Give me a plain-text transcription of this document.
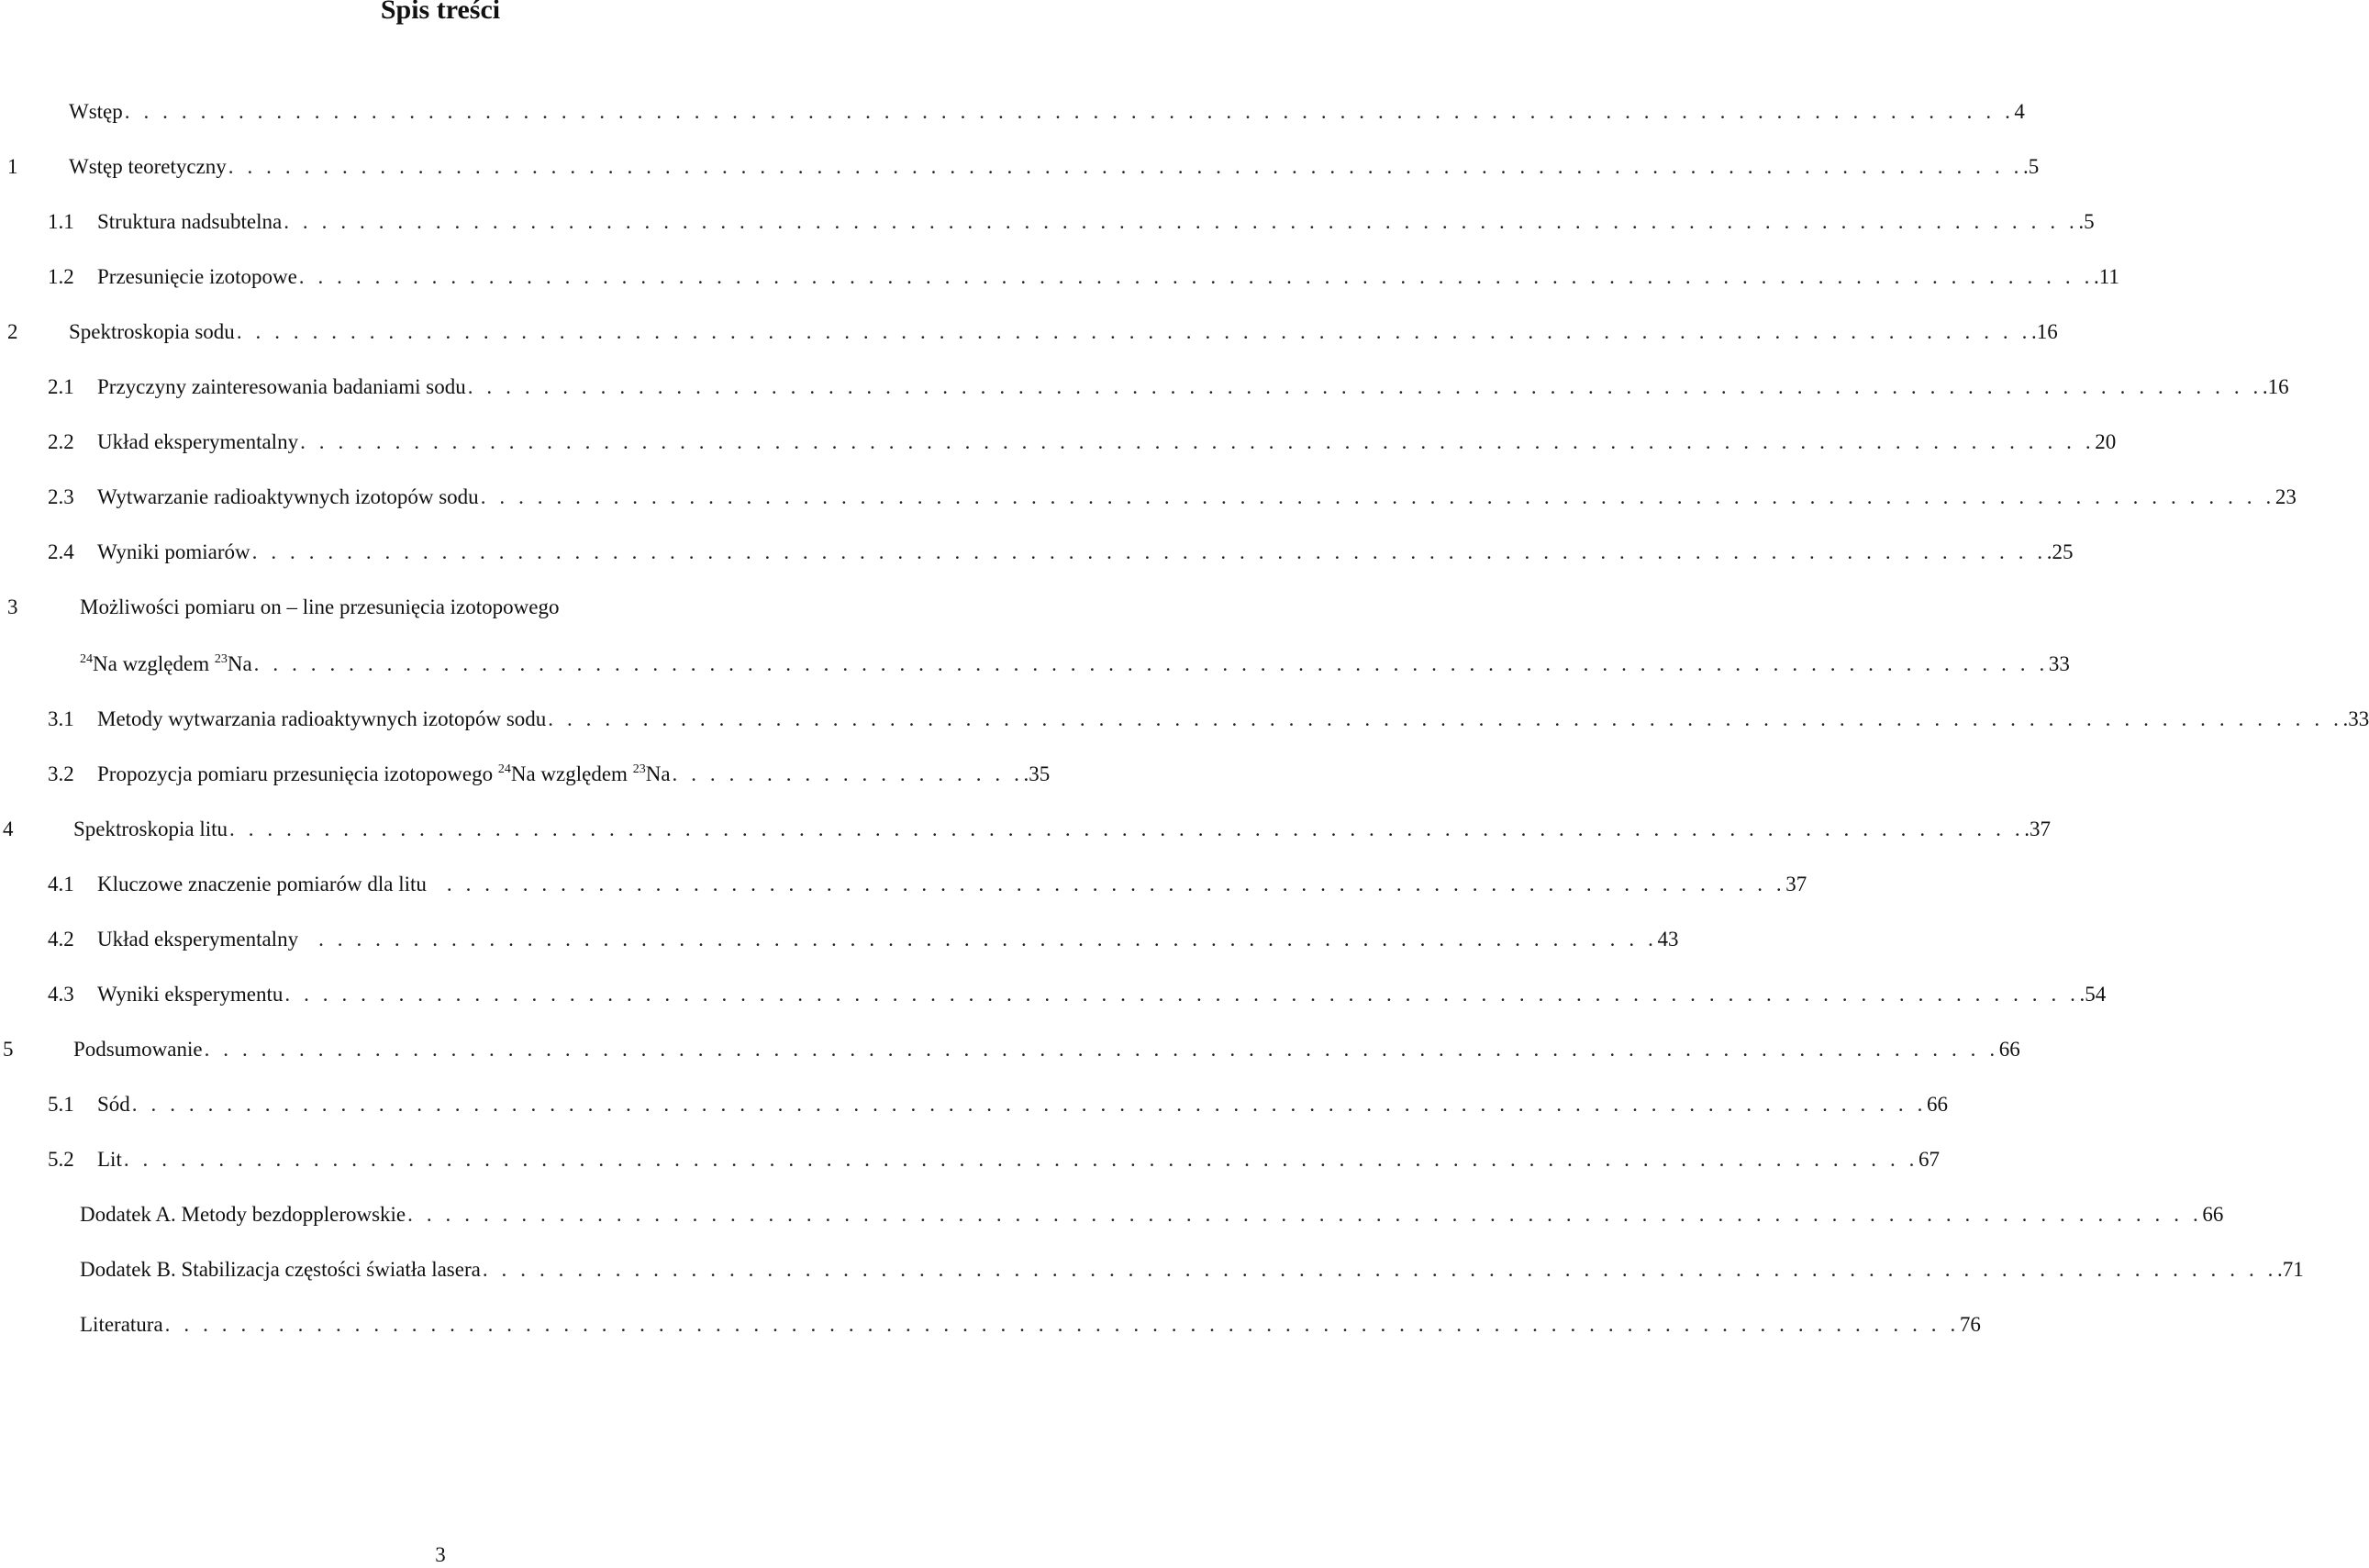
Spis treści
Wstęp . . . . . . . . . . . . . . . . . . . . . . . . . . . . . . . . . . . . . . . . . . . . . . . . . . . . . . . . . . . . . . . . . . . . . . . . . . . . . . . . . . . . . . . . . . . . . . . . . . . . 4
1 Wstęp teoretyczny . . . . . . . . . . . . . . . . . . . . . . . . . . . . . . . . . . . . . . . . . . . . . . . . . . . . . . . . . . . . . . . . . . . . . . . . . . . . . . . . . . . . . . . . . . . . . . . .5
1.1 Struktura nadsubtelna . . . . . . . . . . . . . . . . . . . . . . . . . . . . . . . . . . . . . . . . . . . . . . . . . . . . . . . . . . . . . . . . . . . . . . . . . . . . . . . . . . . . . . . . . . . . . . . .5
1.2 Przesunięcie izotopowe . . . . . . . . . . . . . . . . . . . . . . . . . . . . . . . . . . . . . . . . . . . . . . . . . . . . . . . . . . . . . . . . . . . . . . . . . . . . . . . . . . . . . . . . . . . . . . . .11
2 Spektroskopia sodu . . . . . . . . . . . . . . . . . . . . . . . . . . . . . . . . . . . . . . . . . . . . . . . . . . . . . . . . . . . . . . . . . . . . . . . . . . . . . . . . . . . . . . . . . . . . . . . .16
2.1 Przyczyny zainteresowania badaniami sodu . . . . . . . . . . . . . . . . . . . . . . . . . . . . . . . . . . . . . . . . . . . . . . . . . . . . . . . . . . . . . . . . . . . . . . . . . . . . . . . . . . . . . . . . . . . . . . . .16
2.2 Układ eksperymentalny . . . . . . . . . . . . . . . . . . . . . . . . . . . . . . . . . . . . . . . . . . . . . . . . . . . . . . . . . . . . . . . . . . . . . . . . . . . . . . . . . . . . . . . . . . . . . . . 20
2.3 Wytwarzanie radioaktywnych izotopów sodu . . . . . . . . . . . . . . . . . . . . . . . . . . . . . . . . . . . . . . . . . . . . . . . . . . . . . . . . . . . . . . . . . . . . . . . . . . . . . . . . . . . . . . . . . . . . . . . 23
2.4 Wyniki pomiarów . . . . . . . . . . . . . . . . . . . . . . . . . . . . . . . . . . . . . . . . . . . . . . . . . . . . . . . . . . . . . . . . . . . . . . . . . . . . . . . . . . . . . . . . . . . . . . . .25
3	Możliwości pomiaru on – line przesunięcia izotopowego
$^{24}$Na względem $^{23}$Na . . . . . . . . . . . . . . . . . . . . . . . . . . . . . . . . . . . . . . . . . . . . . . . . . . . . . . . . . . . . . . . . . . . . . . . . . . . . . . . . . . . . . . . . . . . . . . . 33
3.1 Metody wytwarzania radioaktywnych izotopów sodu . . . . . . . . . . . . . . . . . . . . . . . . . . . . . . . . . . . . . . . . . . . . . . . . . . . . . . . . . . . . . . . . . . . . . . . . . . . . . . . . . . . . . . . . . . . . . . . .33
3.2 Propozycja pomiaru przesunięcia izotopowego $^{24}$Na względem $^{23}$Na . . . . . . . . . . . . . . . . . . . .35
4	Spektroskopia litu . . . . . . . . . . . . . . . . . . . . . . . . . . . . . . . . . . . . . . . . . . . . . . . . . . . . . . . . . . . . . . . . . . . . . . . . . . . . . . . . . . . . . . . . . . . . . . . .37
4.1 Kluczowe znaczenie pomiarów dla litu . . . . . . . . . . . . . . . . . . . . . . . . . . . . . . . . . . . . . . . . . . . . . . . . . . . . . . . . . . . . . . . . . . . . . . . 37
4.2 Układ eksperymentalny . . . . . . . . . . . . . . . . . . . . . . . . . . . . . . . . . . . . . . . . . . . . . . . . . . . . . . . . . . . . . . . . . . . . . . . 43
4.3 Wyniki eksperymentu . . . . . . . . . . . . . . . . . . . . . . . . . . . . . . . . . . . . . . . . . . . . . . . . . . . . . . . . . . . . . . . . . . . . . . . . . . . . . . . . . . . . . . . . . . . . . . . .54
5	Podsumowanie . . . . . . . . . . . . . . . . . . . . . . . . . . . . . . . . . . . . . . . . . . . . . . . . . . . . . . . . . . . . . . . . . . . . . . . . . . . . . . . . . . . . . . . . . . . . . . . 66
5.1 Sód . . . . . . . . . . . . . . . . . . . . . . . . . . . . . . . . . . . . . . . . . . . . . . . . . . . . . . . . . . . . . . . . . . . . . . . . . . . . . . . . . . . . . . . . . . . . . . . 66
5.2 Lit . . . . . . . . . . . . . . . . . . . . . . . . . . . . . . . . . . . . . . . . . . . . . . . . . . . . . . . . . . . . . . . . . . . . . . . . . . . . . . . . . . . . . . . . . . . . . . . 67
Dodatek A. Metody bezdopplerowskie . . . . . . . . . . . . . . . . . . . . . . . . . . . . . . . . . . . . . . . . . . . . . . . . . . . . . . . . . . . . . . . . . . . . . . . . . . . . . . . . . . . . . . . . . . . . . . . 66
Dodatek B. Stabilizacja częstości światła lasera . . . . . . . . . . . . . . . . . . . . . . . . . . . . . . . . . . . . . . . . . . . . . . . . . . . . . . . . . . . . . . . . . . . . . . . . . . . . . . . . . . . . . . . . . . . . . . . .71
Literatura . . . . . . . . . . . . . . . . . . . . . . . . . . . . . . . . . . . . . . . . . . . . . . . . . . . . . . . . . . . . . . . . . . . . . . . . . . . . . . . . . . . . . . . . . . . . . . . 76
3
